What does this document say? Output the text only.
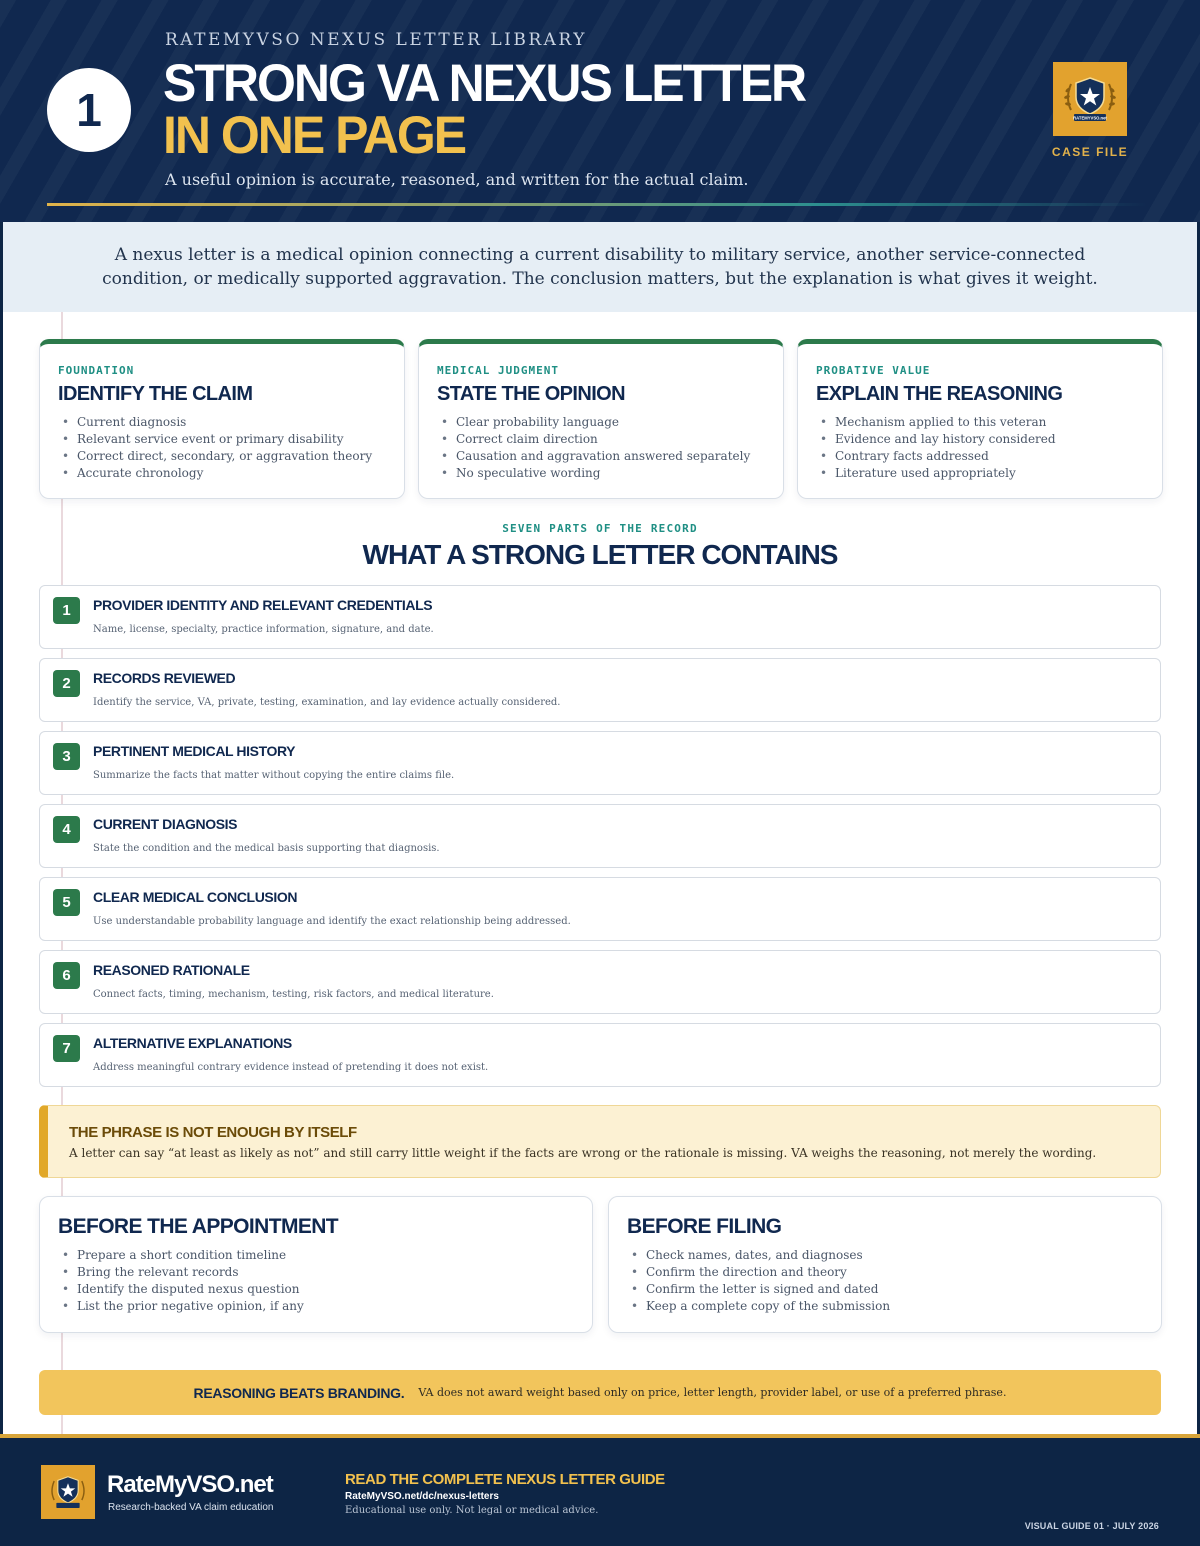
1
RATEMYVSO NEXUS LETTER LIBRARY
STRONG VA NEXUS LETTER
IN ONE PAGE
A useful opinion is accurate, reasoned, and written for the actual claim.
RATEMYVSO.net
CASE FILE
A nexus letter is a medical opinion connecting a current disability to military service, another service-connected condition, or medically supported aggravation. The conclusion matters, but the explanation is what gives it weight.
FOUNDATION
IDENTIFY THE CLAIM
• Current diagnosis
• Relevant service event or primary disability
• Correct direct, secondary, or aggravation theory
• Accurate chronology
MEDICAL JUDGMENT
STATE THE OPINION
• Clear probability language
• Correct claim direction
• Causation and aggravation answered separately
• No speculative wording
PROBATIVE VALUE
EXPLAIN THE REASONING
• Mechanism applied to this veteran
• Evidence and lay history considered
• Contrary facts addressed
• Literature used appropriately
SEVEN PARTS OF THE RECORD
WHAT A STRONG LETTER CONTAINS
1	PROVIDER IDENTITY AND RELEVANT CREDENTIALS
Name, license, specialty, practice information, signature, and date.
2	RECORDS REVIEWED
Identify the service, VA, private, testing, examination, and lay evidence actually considered.
3	PERTINENT MEDICAL HISTORY
Summarize the facts that matter without copying the entire claims file.
4	CURRENT DIAGNOSIS
State the condition and the medical basis supporting that diagnosis.
5	CLEAR MEDICAL CONCLUSION
Use understandable probability language and identify the exact relationship being addressed.
6	REASONED RATIONALE
Connect facts, timing, mechanism, testing, risk factors, and medical literature.
7	ALTERNATIVE EXPLANATIONS
Address meaningful contrary evidence instead of pretending it does not exist.
THE PHRASE IS NOT ENOUGH BY ITSELF
A letter can say “at least as likely as not” and still carry little weight if the facts are wrong or the rationale is missing. VA weighs the reasoning, not merely the wording.
BEFORE THE APPOINTMENT
• Prepare a short condition timeline
• Bring the relevant records
• Identify the disputed nexus question
• List the prior negative opinion, if any
BEFORE FILING
• Check names, dates, and diagnoses
• Confirm the direction and theory
• Confirm the letter is signed and dated
• Keep a complete copy of the submission
REASONING BEATS BRANDING. VA does not award weight based only on price, letter length, provider label, or use of a preferred phrase.
RateMyVSO.net
Research-backed VA claim education
READ THE COMPLETE NEXUS LETTER GUIDE
RateMyVSO.net/dc/nexus-letters
Educational use only. Not legal or medical advice.
VISUAL GUIDE 01 · JULY 2026
